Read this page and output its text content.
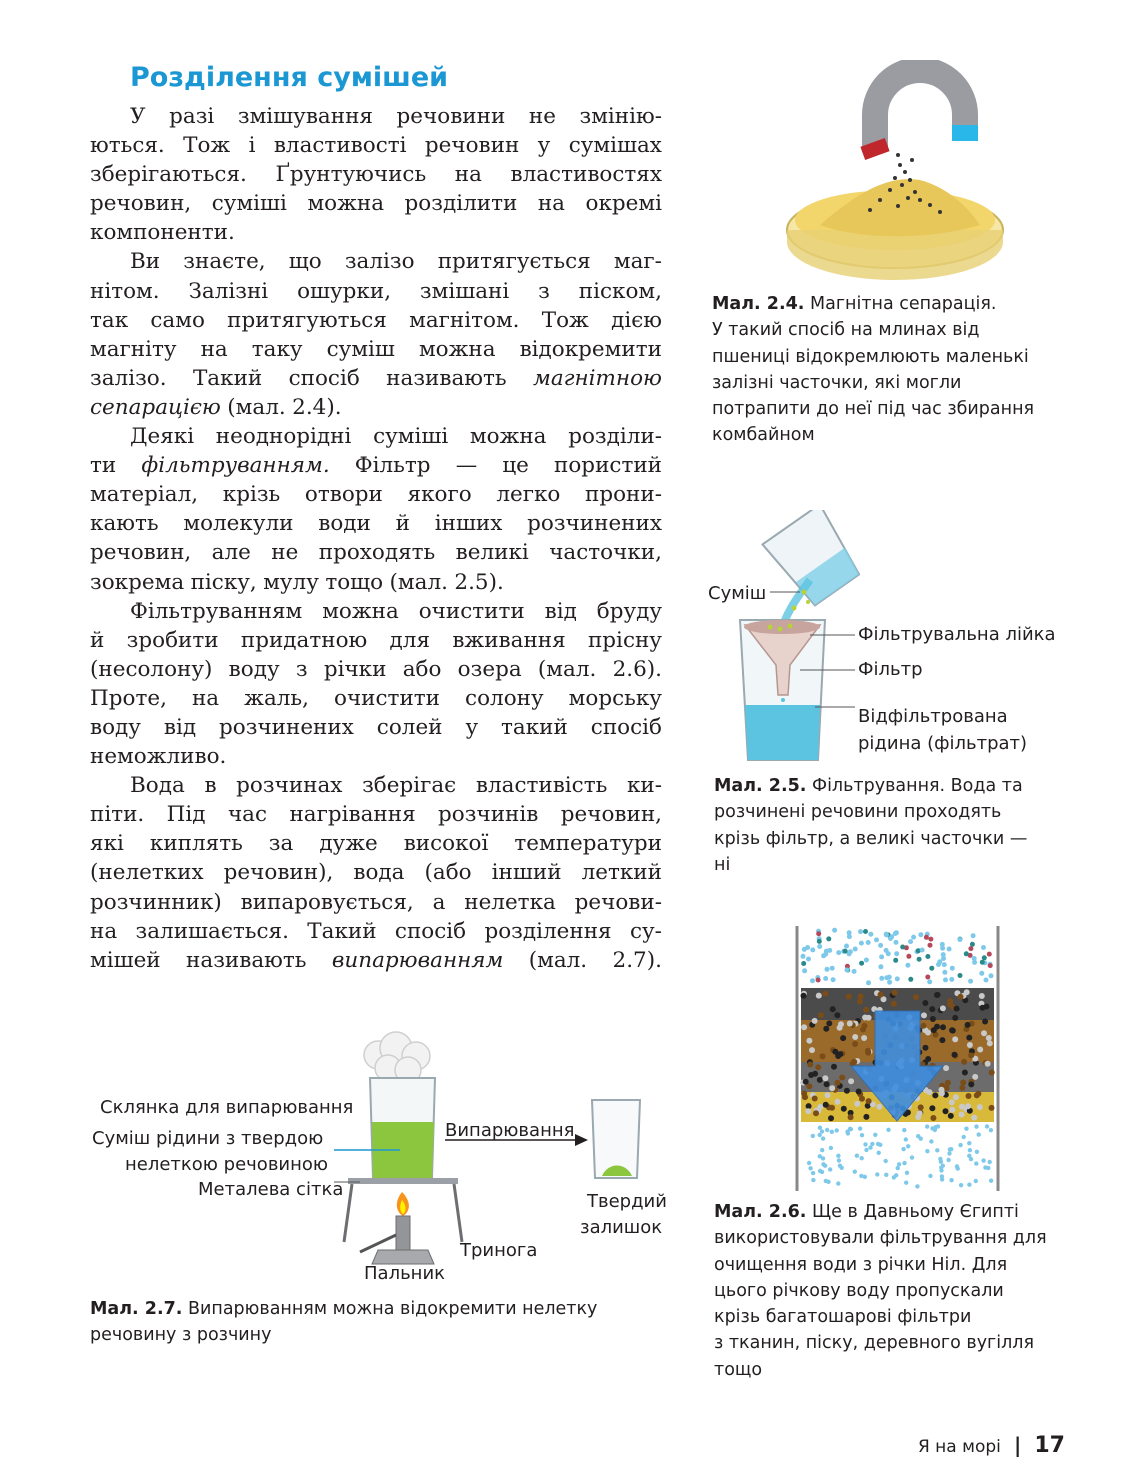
Розділення сумішей
У разі змішування речовини не змінію-
ються. Тож і властивості речовин у сумішах
зберігаються. Ґрунтуючись на властивостях
речовин, суміші можна розділити на окремі
компоненти.
Ви знаєте, що залізо притягується маг-
нітом. Залізні ошурки, змішані з піском,
так само притягуються магнітом. Тож дією
магніту на таку суміш можна відокремити
залізо. Такий спосіб називають магнітною
сепарацією (мал. 2.4).
Деякі неоднорідні суміші можна розділи-
ти фільтруванням. Фільтр — це пористий
матеріал, крізь отвори якого легко прони-
кають молекули води й інших розчинених
речовин, але не проходять великі часточки,
зокрема піску, мулу тощо (мал. 2.5).
Фільтруванням можна очистити від бруду
й зробити придатною для вживання прісну
(несолону) воду з річки або озера (мал. 2.6).
Проте, на жаль, очистити солону морську
воду від розчинених солей у такий спосіб
неможливо.
Вода в розчинах зберігає властивість ки-
піти. Під час нагрівання розчинів речовин,
які киплять за дуже високої температури
(нелетких речовин), вода (або інший леткий
розчинник) випаровується, а нелетка речови-
на залишається. Такий спосіб розділення су-
мішей називають випарюванням (мал. 2.7).
Мал. 2.4. Магнітна сепарація.
У такий спосіб на млинах від
пшениці відокремлюють маленькі
залізні часточки, які могли
потрапити до неї під час збирання
комбайном
Суміш
Фільтрувальна лійка
Фільтр
Відфільтрована
рідина (фільтрат)
Мал. 2.5. Фільтрування. Вода та
розчинені речовини проходять
крізь фільтр, а великі часточки —
ні
Мал. 2.6. Ще в Давньому Єгипті
використовували фільтрування для
очищення води з річки Ніл. Для
цього річкову воду пропускали
крізь багатошарові фільтри
з тканин, піску, деревного вугілля
тощо
Склянка для випарювання
Суміш рідини з твердою
нелеткою речовиною
Металева сітка
Пальник
Тринога
Випарювання
Твердий
залишок
Мал. 2.7. Випарюванням можна відокремити нелетку
речовину з розчину
Я на морі | 17
